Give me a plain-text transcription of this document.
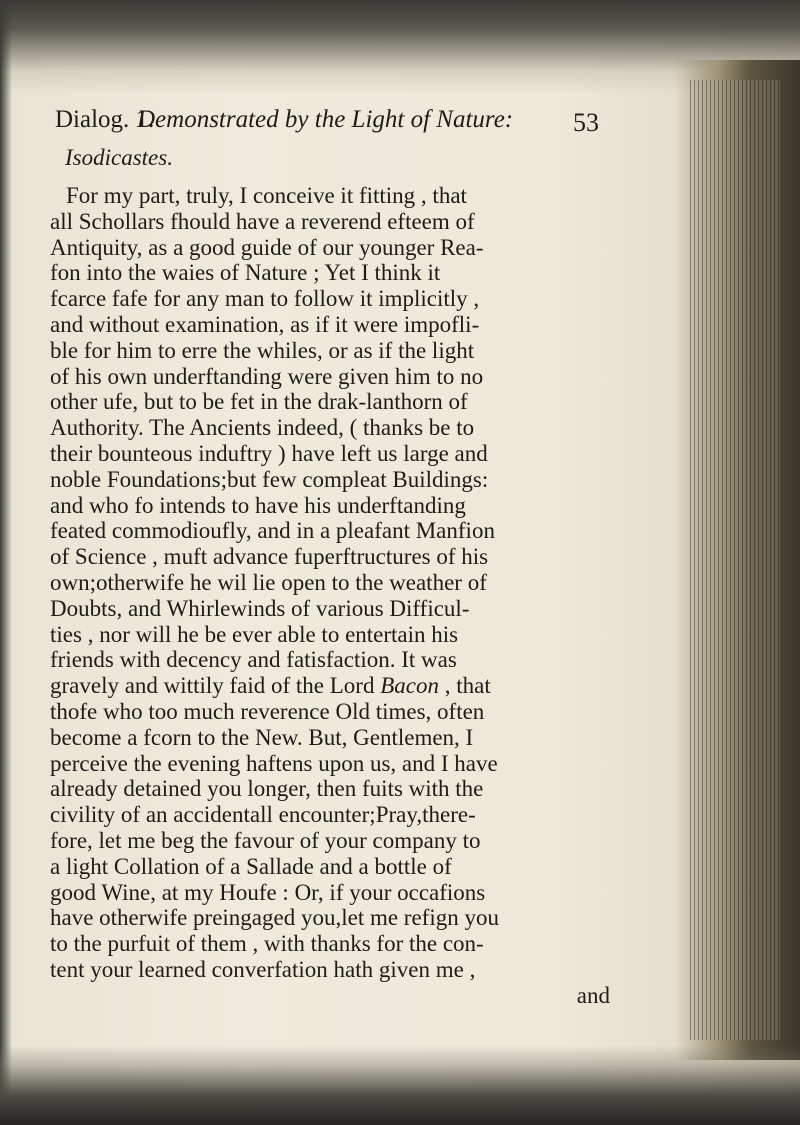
Dialog. 1.
Demonstrated by the Light of Nature: 53
Isodicastes.
For my part, truly, I conceive it fitting , that
all Schollars fhould have a reverend efteem of
Antiquity, as a good guide of our younger Rea-
fon into the waies of Nature ; Yet I think it
fcarce fafe for any man to follow it implicitly ,
and without examination, as if it were impofli-
ble for him to erre the whiles, or as if the light
of his own underftanding were given him to no
other ufe, but to be fet in the drak-lanthorn of
Authority. The Ancients indeed, ( thanks be to
their bounteous induftry ) have left us large and
noble Foundations;but few compleat Buildings:
and who fo intends to have his underftanding
feated commodioufly, and in a pleafant Manfion
of Science , muft advance fuperftructures of his
own;otherwife he wil lie open to the weather of
Doubts, and Whirlewinds of various Difficul-
ties , nor will he be ever able to entertain his
friends with decency and fatisfaction. It was
gravely and wittily faid of the Lord Bacon , that
thofe who too much reverence Old times, often
become a fcorn to the New. But, Gentlemen, I
perceive the evening haftens upon us, and I have
already detained you longer, then fuits with the
civility of an accidentall encounter;Pray,there-
fore, let me beg the favour of your company to
a light Collation of a Sallade and a bottle of
good Wine, at my Houfe : Or, if your occafions
have otherwife preingaged you,let me refign you
to the purfuit of them , with thanks for the con-
tent your learned converfation hath given me ,
and
